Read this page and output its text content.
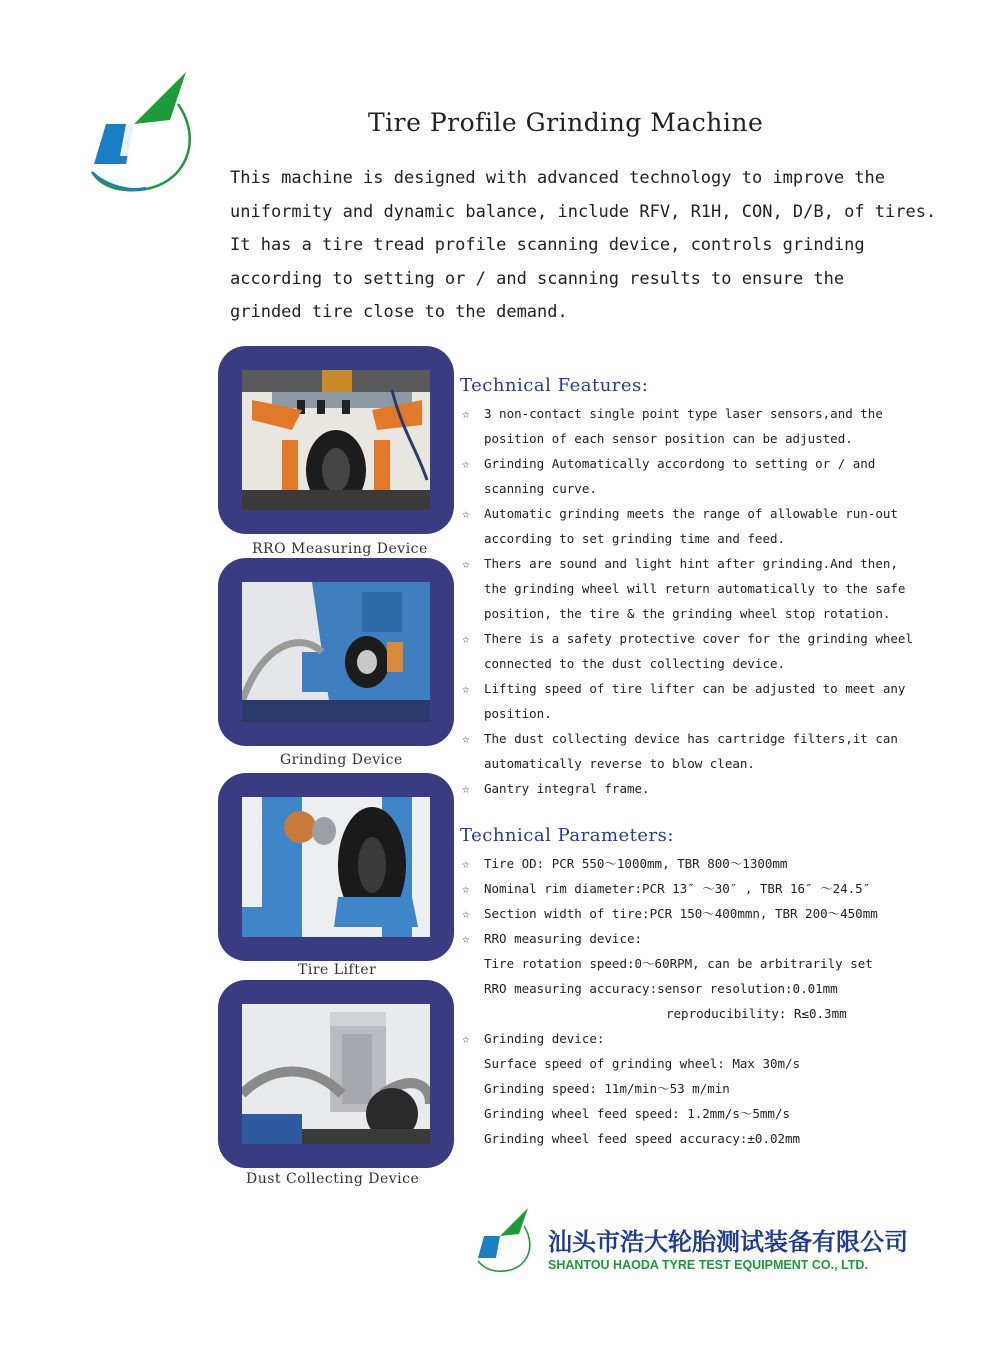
Tire Profile Grinding Machine
This machine is designed with advanced technology to improve the
uniformity and dynamic balance, include RFV, R1H, CON, D/B, of tires.
It has a tire tread profile scanning device, controls grinding
according to setting or / and scanning results to ensure the
grinded tire close to the demand.
RRO Measuring Device
Grinding Device
Tire Lifter
Dust Collecting Device
Technical Features:
☆	3 non-contact single point type laser sensors,and the
position of each sensor position can be adjusted.
☆	Grinding Automatically accordong to setting or / and
scanning curve.
☆	Automatic grinding meets the range of allowable run-out
according to set grinding time and feed.
☆	Thers are sound and light hint after grinding.And then,
the grinding wheel will return automatically to the safe
position, the tire & the grinding wheel stop rotation.
☆	There is a safety protective cover for the grinding wheel
connected to the dust collecting device.
☆	Lifting speed of tire lifter can be adjusted to meet any
position.
☆	The dust collecting device has cartridge filters,it can
automatically reverse to blow clean.
☆	Gantry integral frame.
Technical Parameters:
☆	Tire OD: PCR 550～1000mm, TBR 800～1300mm
☆	Nominal rim diameter:PCR 13″ ～30″ , TBR 16″ ～24.5″
☆	Section width of tire:PCR 150～400mmn, TBR 200～450mm
☆	RRO measuring device:
Tire rotation speed:0～60RPM, can be arbitrarily set
RRO measuring accuracy:sensor resolution:0.01mm
reproducibility: R≤0.3mm
☆	Grinding device:
Surface speed of grinding wheel: Max 30m/s
Grinding speed: 11m/min～53 m/min
Grinding wheel feed speed: 1.2mm/s～5mm/s
Grinding wheel feed speed accuracy:±0.02mm
汕头市浩大轮胎测试装备有限公司
SHANTOU HAODA TYRE TEST EQUIPMENT CO., LTD.
